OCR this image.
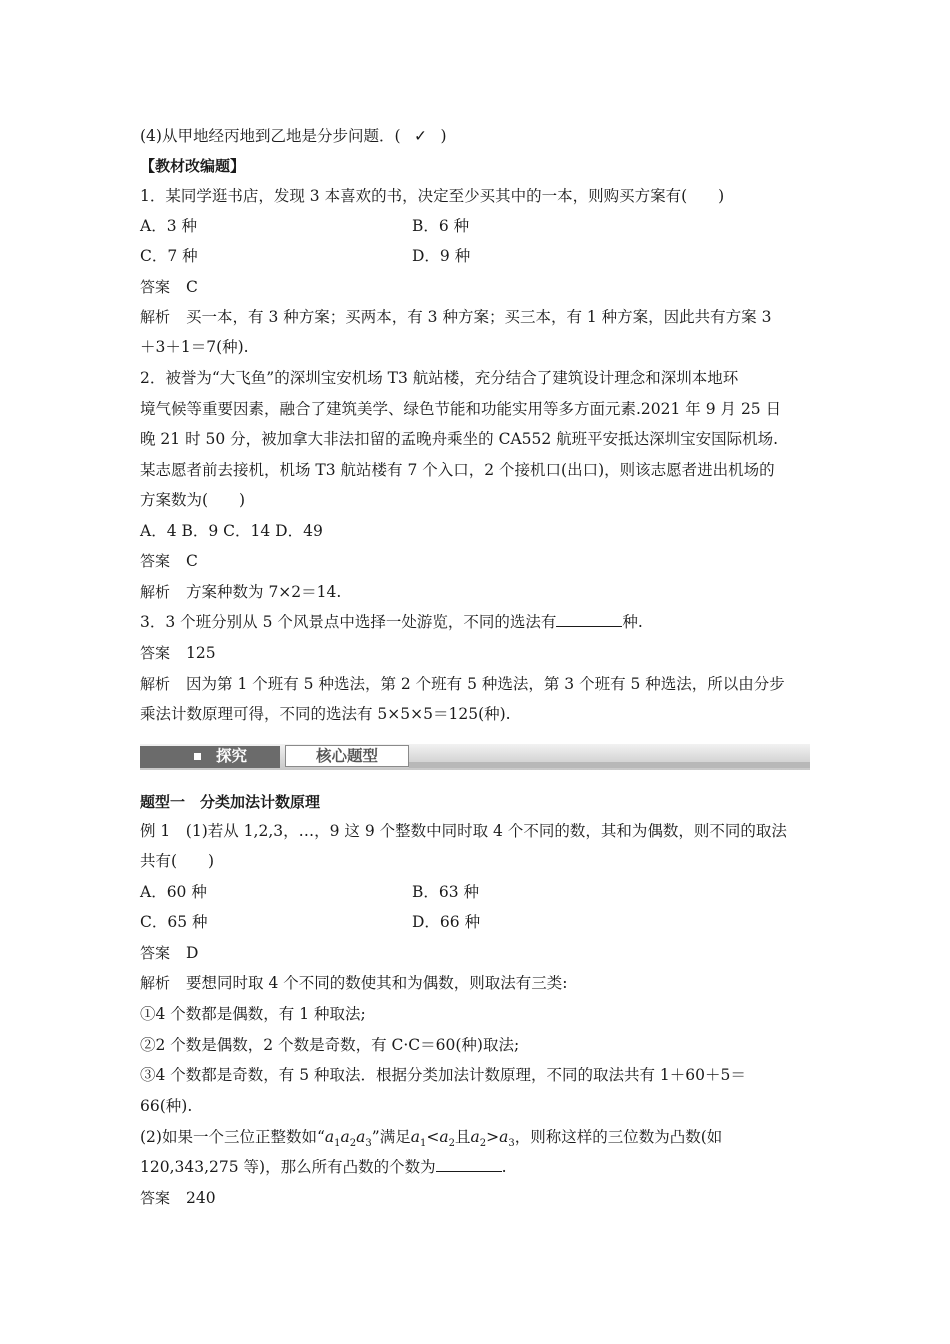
(4)从甲地经丙地到乙地是分步问题．( ✓ )
【教材改编题】
1．某同学逛书店，发现 3 本喜欢的书，决定至少买其中的一本，则购买方案有(　　)
A．3 种	B．6 种
C．7 种	D．9 种
答案 C
解析 买一本，有 3 种方案；买两本，有 3 种方案；买三本，有 1 种方案，因此共有方案 3
＋3＋1＝7(种).
2．被誉为“大飞鱼”的深圳宝安机场 T3 航站楼，充分结合了建筑设计理念和深圳本地环
境气候等重要因素，融合了建筑美学、绿色节能和功能实用等多方面元素.2021 年 9 月 25 日
晚 21 时 50 分，被加拿大非法扣留的孟晚舟乘坐的 CA552 航班平安抵达深圳宝安国际机场.
某志愿者前去接机，机场 T3 航站楼有 7 个入口，2 个接机口(出口)，则该志愿者进出机场的
方案数为(　　)
A．4 B．9 C．14 D．49
答案 C
解析 方案种数为 7×2＝14.
3．3 个班分别从 5 个风景点中选择一处游览，不同的选法有	种.
答案 125
解析 因为第 1 个班有 5 种选法，第 2 个班有 5 种选法，第 3 个班有 5 种选法，所以由分步
乘法计数原理可得，不同的选法有 5×5×5＝125(种).
题型一　分类加法计数原理
例 1　(1)若从 1,2,3，…，9 这 9 个整数中同时取 4 个不同的数，其和为偶数，则不同的取法
共有(　　)
A．60 种	B．63 种
C．65 种	D．66 种
答案 D
解析 要想同时取 4 个不同的数使其和为偶数，则取法有三类:
①4 个数都是偶数，有 1 种取法;
②2 个数是偶数，2 个数是奇数，有 C·C＝60(种)取法;
③4 个数都是奇数，有 5 种取法．根据分类加法计数原理，不同的取法共有 1＋60＋5＝
66(种).
(2)如果一个三位正整数如“$a_1a_2a_3$”满足$a_1<a_2$且$a_2>a_3$，则称这样的三位数为凸数(如
120,343,275 等)，那么所有凸数的个数为	.
答案 240
探究	核心题型
